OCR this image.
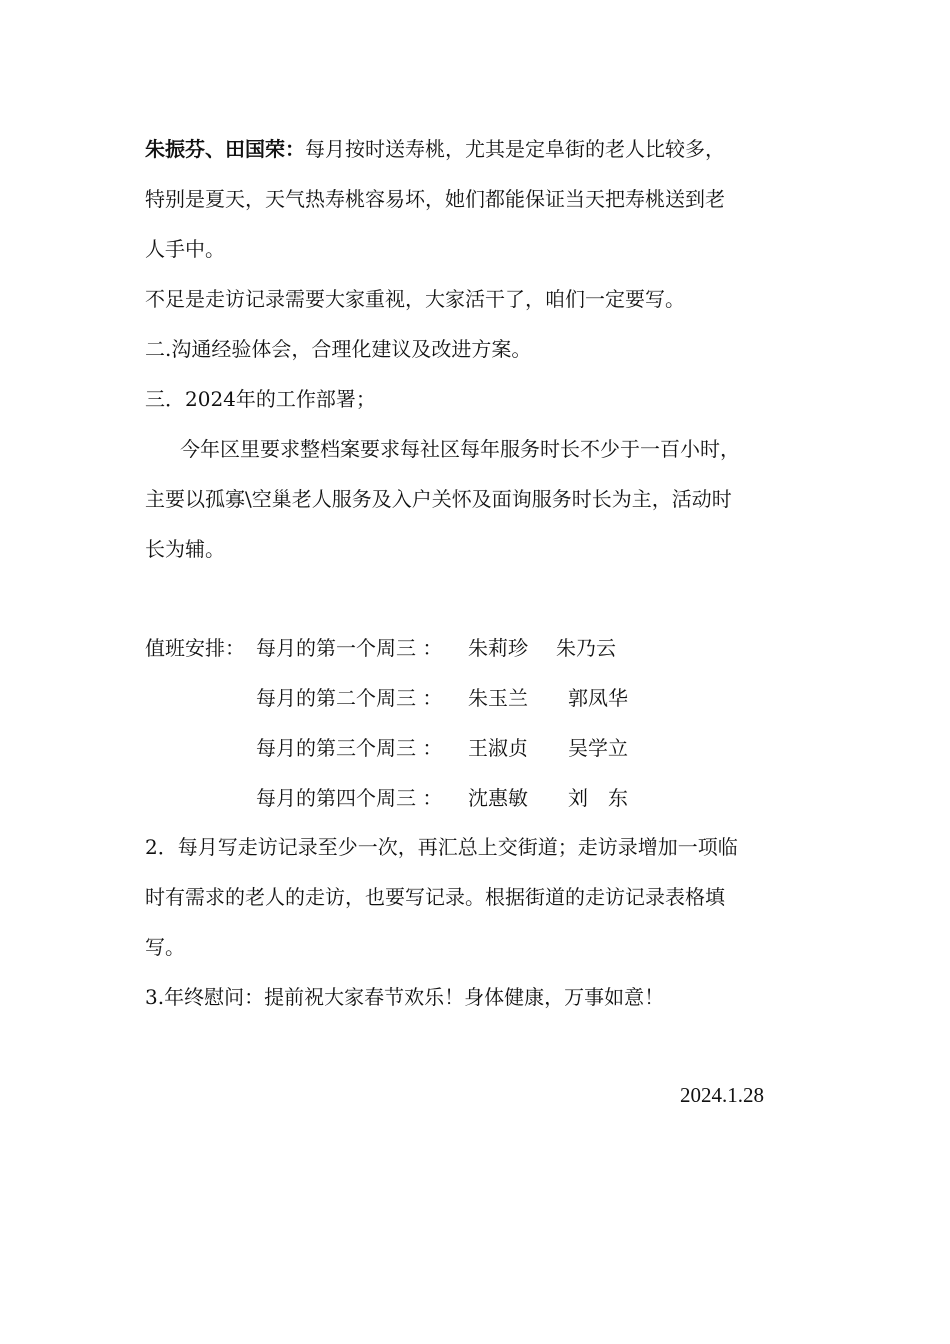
朱振芬、田国荣：每月按时送寿桃，尤其是定阜街的老人比较多，
特别是夏天，天气热寿桃容易坏，她们都能保证当天把寿桃送到老
人手中。
不足是走访记录需要大家重视，大家活干了，咱们一定要写。
二.沟通经验体会，合理化建议及改进方案。
三．2024年的工作部署；
今年区里要求整档案要求每社区每年服务时长不少于一百小时，
主要以孤寡\空巢老人服务及入户关怀及面询服务时长为主，活动时
长为辅。
值班安排： 每月的第一个周三 ： 朱莉珍 朱乃云
每月的第二个周三 ： 朱玉兰 郭凤华
每月的第三个周三 ： 王淑贞 吴学立
每月的第四个周三 ： 沈惠敏 刘　东
2．每月写走访记录至少一次，再汇总上交街道；走访录增加一项临
时有需求的老人的走访，也要写记录。根据街道的走访记录表格填
写。
3.年终慰问：提前祝大家春节欢乐！身体健康，万事如意！
2024.1.28
